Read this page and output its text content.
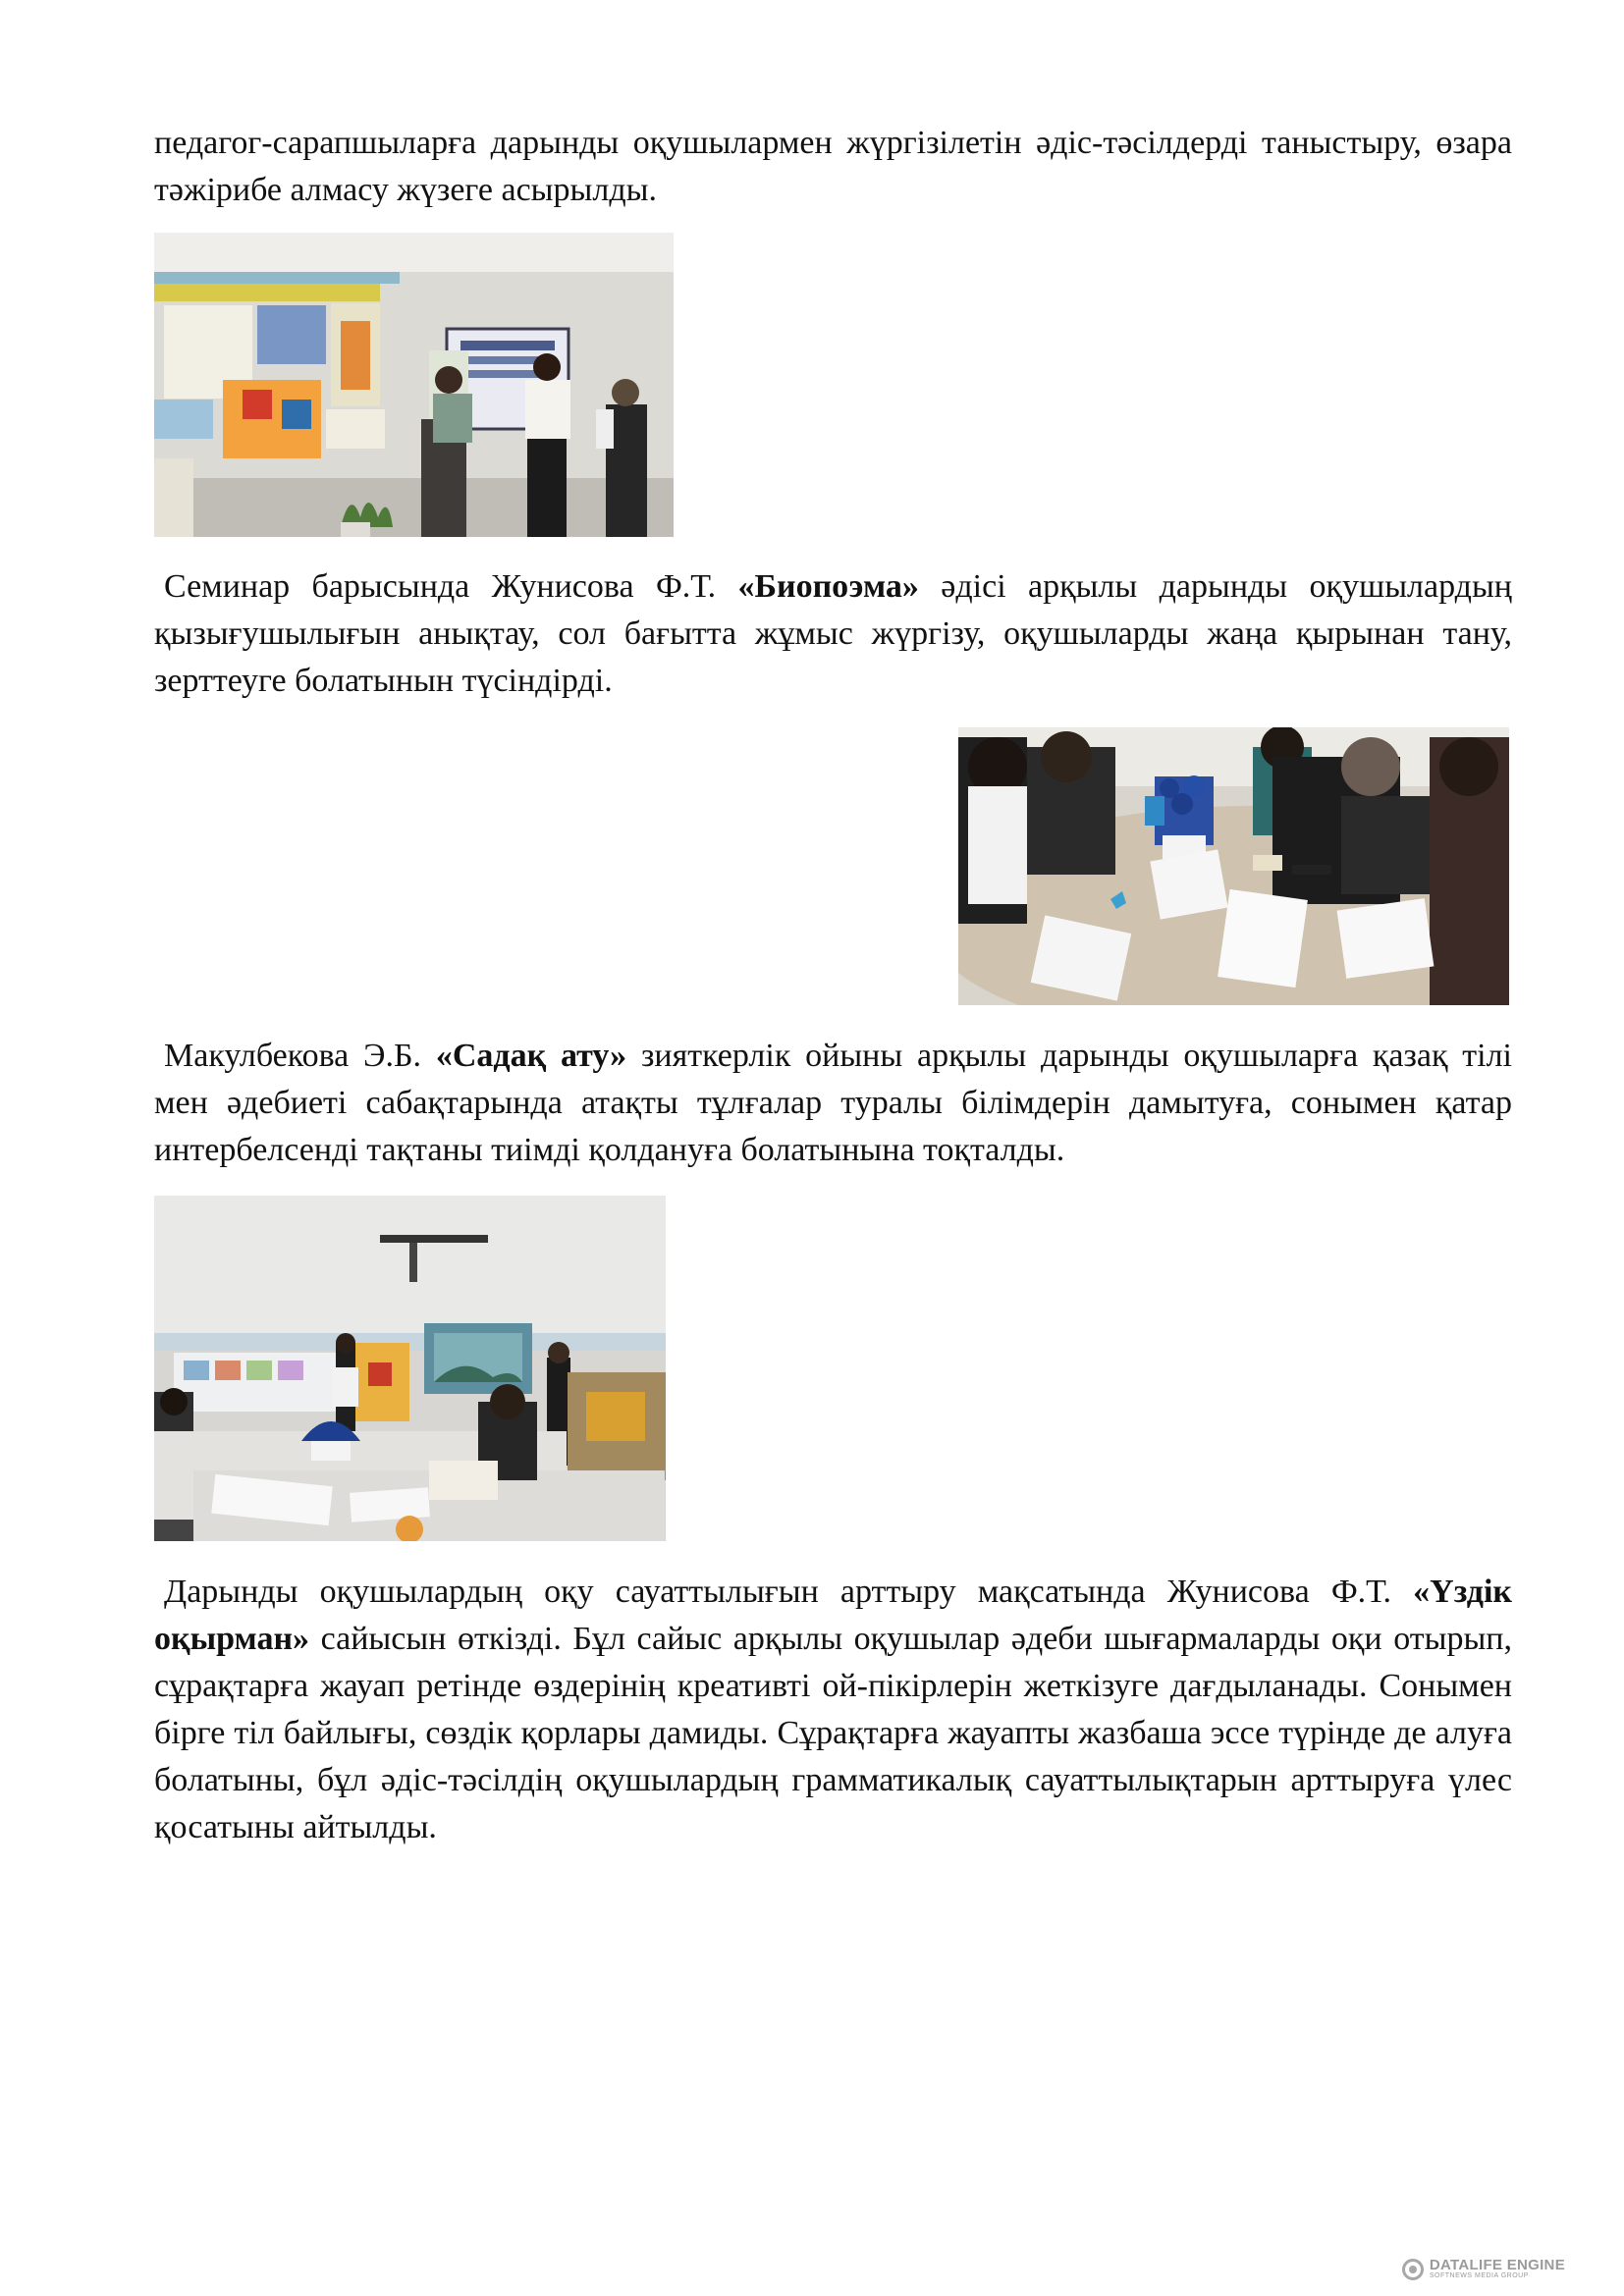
педагог-сарапшыларға дарынды оқушылармен жүргізілетін әдіс-тәсілдерді таныстыру, өзара тәжірибе алмасу жүзеге асырылды.

Семинар барысында Жунисова Ф.Т. «Биопоэма» әдісі арқылы дарынды оқушылардың қызығушылығын анықтау, сол бағытта жұмыс жүргізу, оқушыларды жаңа қырынан тану, зерттеуге болатынын түсіндірді.

Макулбекова Э.Б. «Садақ ату» зияткерлік ойыны арқылы дарынды оқушыларға қазақ тілі мен әдебиеті сабақтарында атақты тұлғалар туралы білімдерін дамытуға, сонымен қатар интербелсенді тақтаны тиімді қолдануға болатынына тоқталды.

Дарынды оқушылардың оқу сауаттылығын арттыру мақсатында Жунисова Ф.Т. «Үздік оқырман» сайысын өткізді. Бұл сайыс арқылы оқушылар әдеби шығармаларды оқи отырып, сұрақтарға жауап ретінде өздерінің креативті ой-пікірлерін жеткізуге дағдыланады. Сонымен бірге тіл байлығы, сөздік қорлары дамиды. Сұрақтарға жауапты жазбаша эссе түрінде де алуға болатыны, бұл әдіс-тәсілдің оқушылардың грамматикалық сауаттылықтарын арттыруға үлес қосатыны айтылды.

DATALIFE ENGINE
SOFTNEWS MEDIA GROUP
